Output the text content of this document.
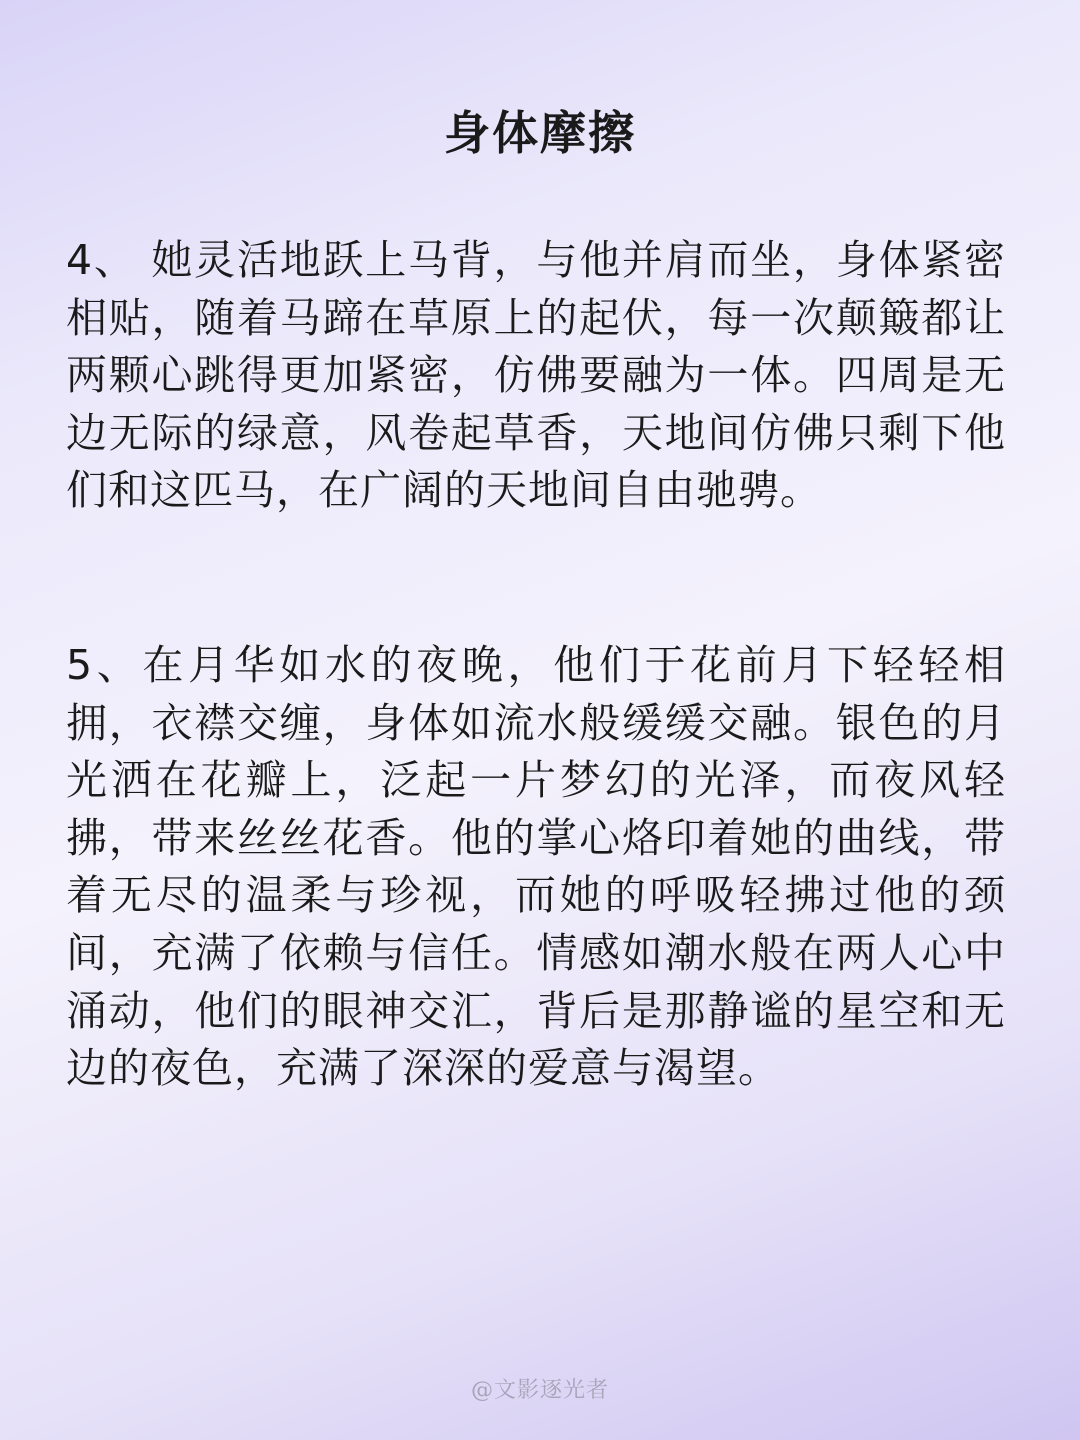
身体摩擦

4、 她灵活地跃上马背，与他并肩而坐，身体紧密相贴，随着马蹄在草原上的起伏，每一次颠簸都让两颗心跳得更加紧密，仿佛要融为一体。四周是无边无际的绿意，风卷起草香，天地间仿佛只剩下他们和这匹马，在广阔的天地间自由驰骋。

5、在月华如水的夜晚，他们于花前月下轻轻相拥，衣襟交缠，身体如流水般缓缓交融。银色的月光洒在花瓣上，泛起一片梦幻的光泽，而夜风轻拂，带来丝丝花香。他的掌心烙印着她的曲线，带着无尽的温柔与珍视，而她的呼吸轻拂过他的颈间，充满了依赖与信任。情感如潮水般在两人心中涌动，他们的眼神交汇，背后是那静谧的星空和无边的夜色，充满了深深的爱意与渴望。

@文影逐光者
